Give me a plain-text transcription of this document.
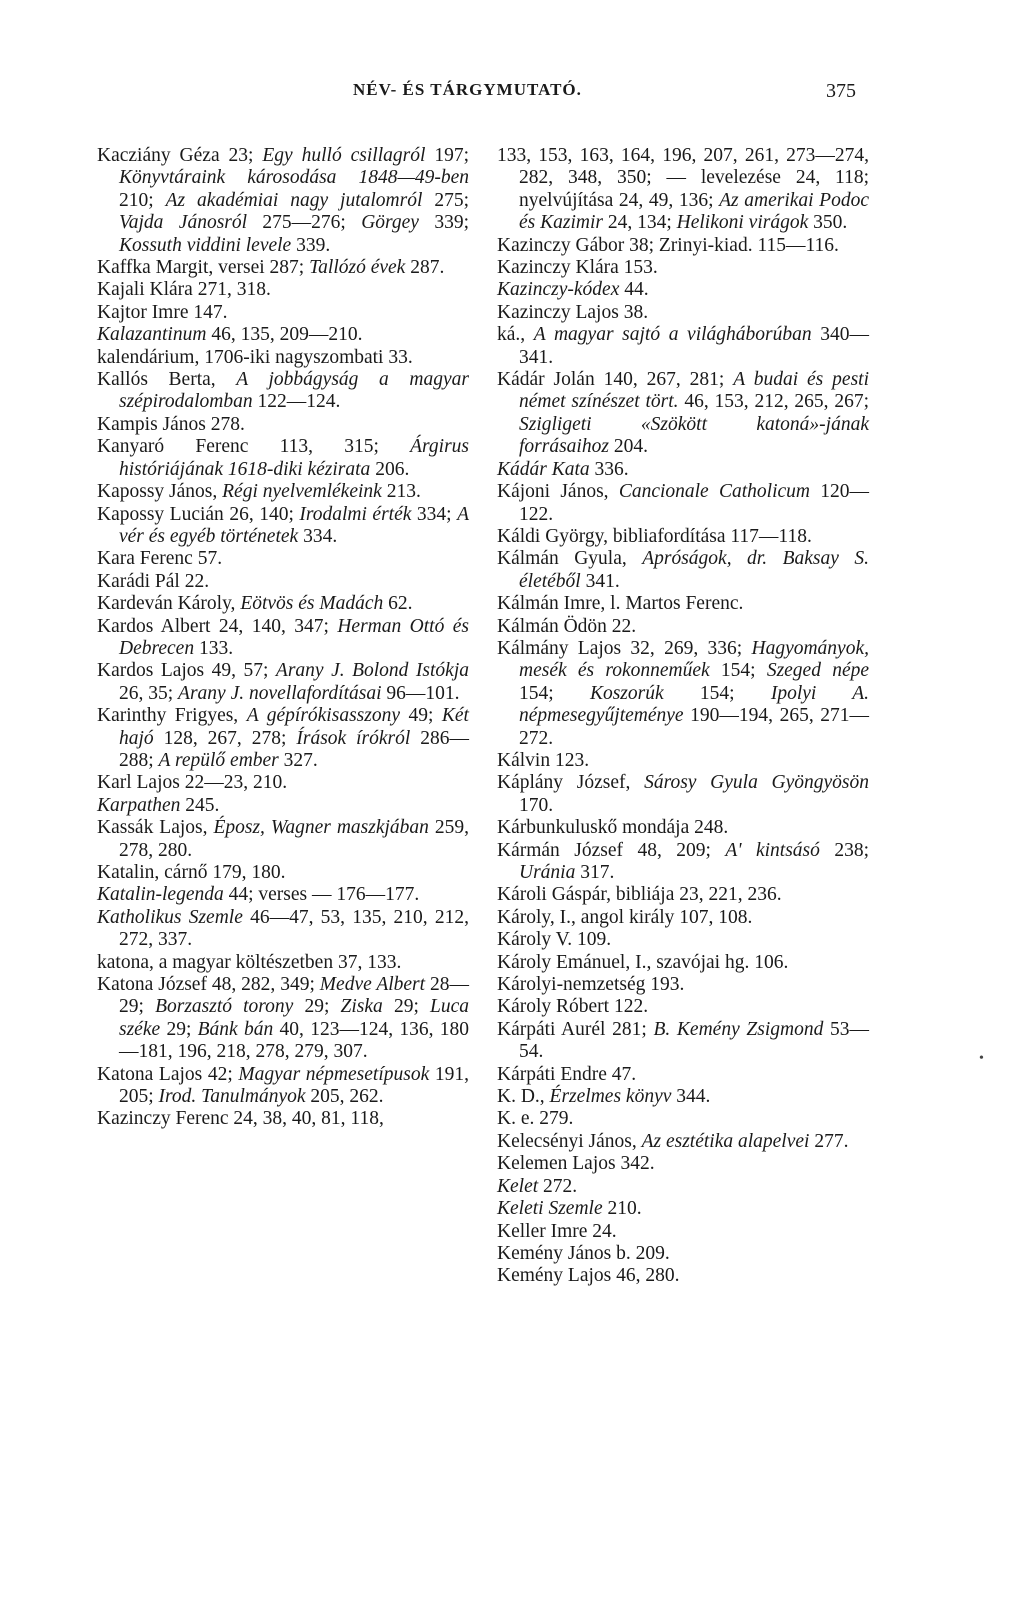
NÉV- ÉS TÁRGYMUTATÓ.	375

Kacziány Géza 23; Egy hulló csillagról 197; Könyvtáraink károsodása 1848—49-ben 210; Az akadémiai nagy jutalomról 275; Vajda Jánosról 275—276; Görgey 339; Kossuth viddini levele 339.

Kaffka Margit, versei 287; Tallózó évek 287.

Kajali Klára 271, 318.

Kajtor Imre 147.

Kalazantinum 46, 135, 209—210.

kalendárium, 1706-iki nagyszombati 33.

Kallós Berta, A jobbágyság a magyar szépirodalomban 122—124.

Kampis János 278.

Kanyaró Ferenc 113, 315; Árgirus históriájának 1618-diki kézirata 206.

Kapossy János, Régi nyelvemlékeink 213.

Kapossy Lucián 26, 140; Irodalmi érték 334; A vér és egyéb történetek 334.

Kara Ferenc 57.

Karádi Pál 22.

Kardeván Károly, Eötvös és Madách 62.

Kardos Albert 24, 140, 347; Herman Ottó és Debrecen 133.

Kardos Lajos 49, 57; Arany J. Bolond Istókja 26, 35; Arany J. novellafordításai 96—101.

Karinthy Frigyes, A gépírókisasszony 49; Két hajó 128, 267, 278; Írások írókról 286—288; A repülő ember 327.

Karl Lajos 22—23, 210.

Karpathen 245.

Kassák Lajos, Éposz, Wagner maszkjában 259, 278, 280.

Katalin, cárnő 179, 180.

Katalin-legenda 44; verses — 176—177.

Katholikus Szemle 46—47, 53, 135, 210, 212, 272, 337.

katona, a magyar költészetben 37, 133.

Katona József 48, 282, 349; Medve Albert 28—29; Borzasztó torony 29; Ziska 29; Luca széke 29; Bánk bán 40, 123—124, 136, 180—181, 196, 218, 278, 279, 307.

Katona Lajos 42; Magyar népmesetípusok 191, 205; Irod. Tanulmányok 205, 262.

Kazinczy Ferenc 24, 38, 40, 81, 118,

133, 153, 163, 164, 196, 207, 261, 273—274, 282, 348, 350; — levelezése 24, 118; nyelvújítása 24, 49, 136; Az amerikai Podoc és Kazimir 24, 134; Helikoni virágok 350.

Kazinczy Gábor 38; Zrinyi-kiad. 115—116.

Kazinczy Klára 153.

Kazinczy-kódex 44.

Kazinczy Lajos 38.

ká., A magyar sajtó a világháborúban 340—341.

Kádár Jolán 140, 267, 281; A budai és pesti német színészet tört. 46, 153, 212, 265, 267; Szigligeti «Szökött katoná»-jának forrásaihoz 204.

Kádár Kata 336.

Kájoni János, Cancionale Catholicum 120—122.

Káldi György, bibliafordítása 117—118.

Kálmán Gyula, Apróságok, dr. Baksay S. életéből 341.

Kálmán Imre, l. Martos Ferenc.

Kálmán Ödön 22.

Kálmány Lajos 32, 269, 336; Hagyományok, mesék és rokonneműek 154; Szeged népe 154; Koszorúk 154; Ipolyi A. népmesegyűjteménye 190—194, 265, 271—272.

Kálvin 123.

Káplány József, Sárosy Gyula Gyöngyösön 170.

Kárbunkuluskő mondája 248.

Kármán József 48, 209; A' kintsásó 238; Uránia 317.

Károli Gáspár, bibliája 23, 221, 236.

Károly, I., angol király 107, 108.

Károly V. 109.

Károly Emánuel, I., szavójai hg. 106.

Károlyi-nemzetség 193.

Károly Róbert 122.

Kárpáti Aurél 281; B. Kemény Zsigmond 53—54.

Kárpáti Endre 47.

K. D., Érzelmes könyv 344.

K. e. 279.

Kelecsényi János, Az esztétika alapelvei 277.

Kelemen Lajos 342.

Kelet 272.

Keleti Szemle 210.

Keller Imre 24.

Kemény János b. 209.

Kemény Lajos 46, 280.

•
